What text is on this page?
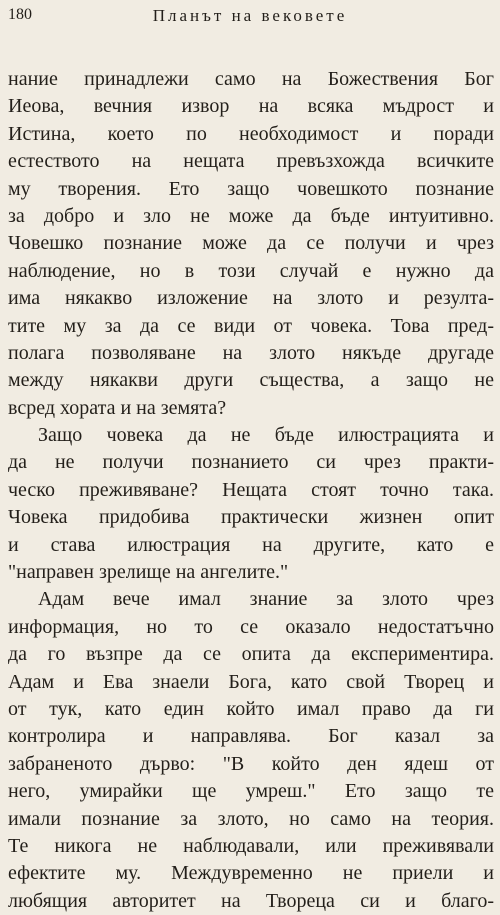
180	Планът на вековете
нание принадлежи само на Божествения Бог
Иеова, вечния извор на всяка мъдрост и
Истина, което по необходимост и поради
естеството на нещата превъзхожда всичките
му творения. Ето защо човешкото познание
за добро и зло не може да бъде интуитивно.
Човешко познание може да се получи и чрез
наблюдение, но в този случай е нужно да
има някакво изложение на злото и резулта-
тите му за да се види от човека. Това пред-
полага позволяване на злото някъде другаде
между някакви други същества, а защо не
всред хората и на земята?
Защо човека да не бъде илюстрацията и
да не получи познанието си чрез практи-
ческо преживяване? Нещата стоят точно така.
Човека придобива практически жизнен опит
и става илюстрация на другите, като е
"направен зрелище на ангелите."
Адам вече имал знание за злото чрез
информация, но то се оказало недостатъчно
да го възпре да се опита да експериментира.
Адам и Ева знаели Бога, като свой Творец и
от тук, като един който имал право да ги
контролира и направлява. Бог казал за
забраненото дърво: "В който ден ядеш от
него, умирайки ще умреш." Ето защо те
имали познание за злото, но само на теория.
Те никога не наблюдавали, или преживявали
ефектите му. Междувременно не приели и
любящия авторитет на Твореца си и благо-
